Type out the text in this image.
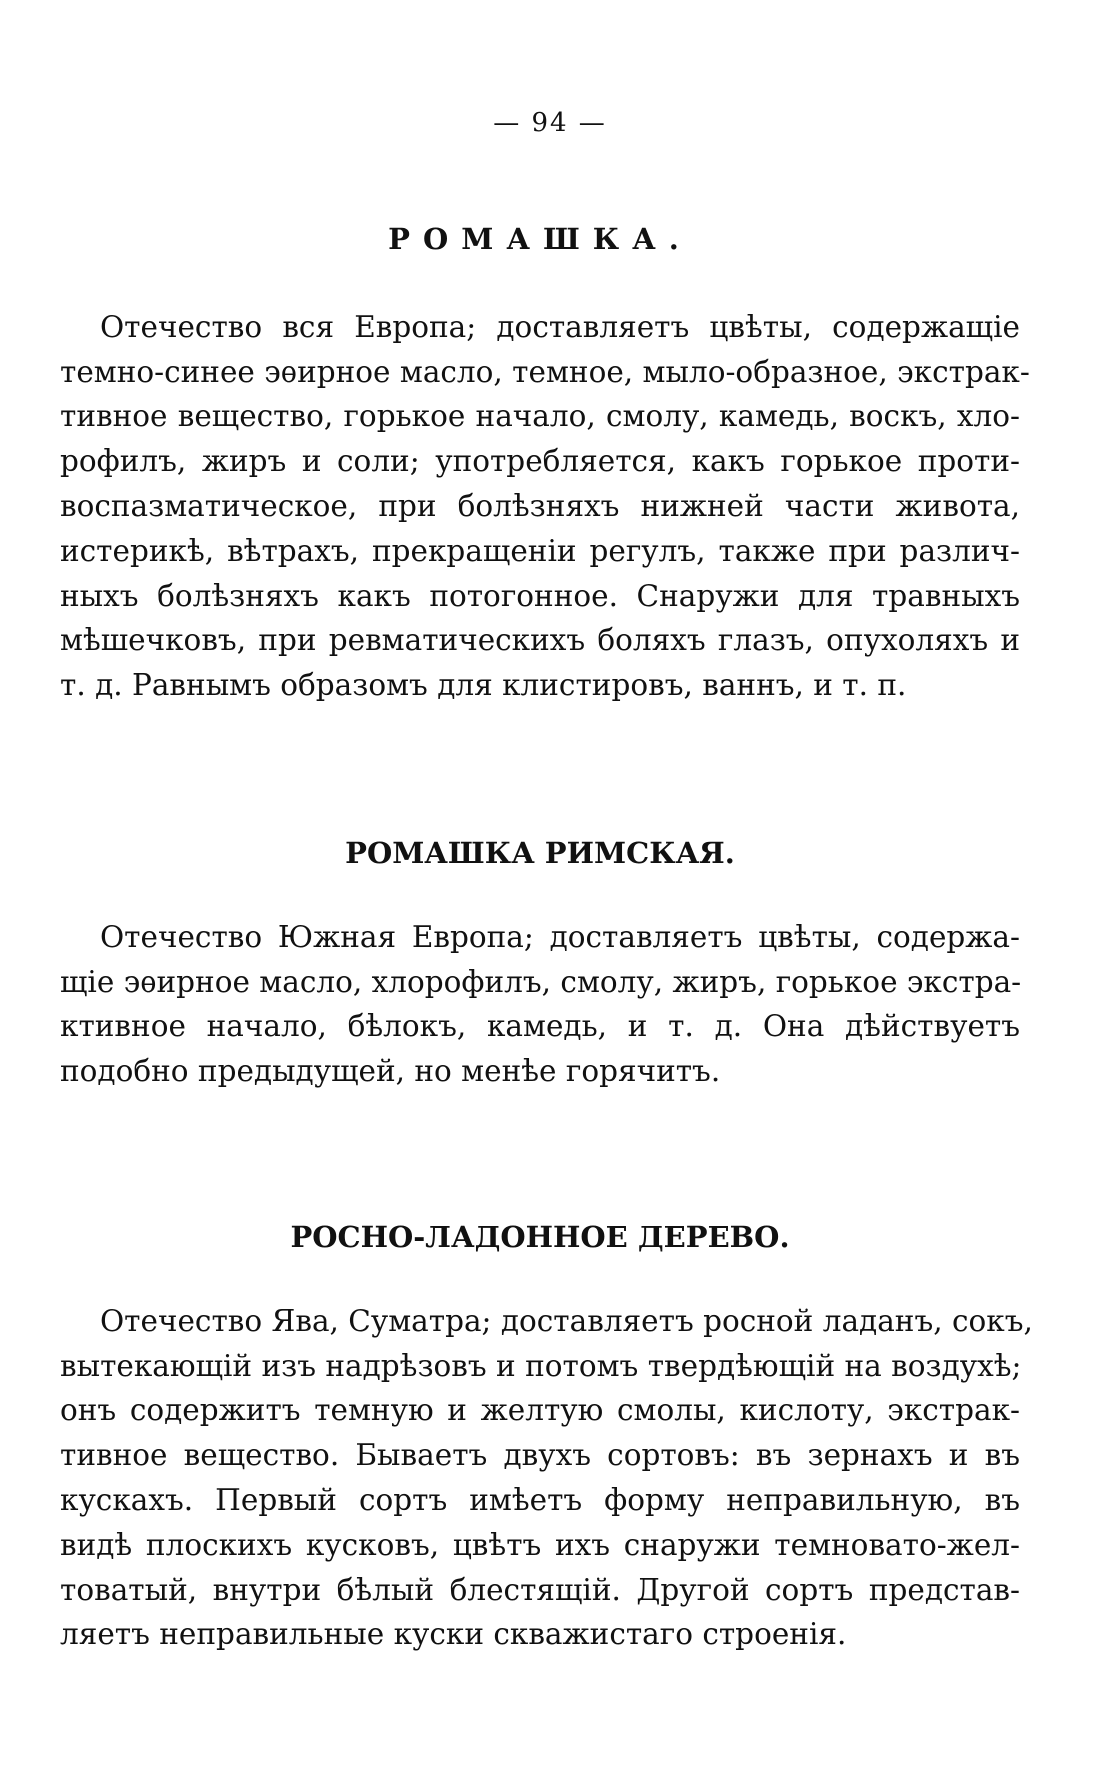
— 94 —
РОМАШКА.
Отечество вся Европа; доставляетъ цвѣты, содержащіе
темно-синее эѳирное масло, темное, мыло-образное, экстрак-
тивное вещество, горькое начало, смолу, камедь, воскъ, хло-
рофилъ, жиръ и соли; употребляется, какъ горькое проти-
воспазматическое, при болѣзняхъ нижней части живота,
истерикѣ, вѣтрахъ, прекращеніи регулъ, также при различ-
ныхъ болѣзняхъ какъ потогонное. Снаружи для травныхъ
мѣшечковъ, при ревматическихъ боляхъ глазъ, опухоляхъ и
т. д. Равнымъ образомъ для клистировъ, ваннъ, и т. п.
РОМАШКА РИМСКАЯ.
Отечество Южная Европа; доставляетъ цвѣты, содержа-
щіе эѳирное масло, хлорофилъ, смолу, жиръ, горькое экстра-
ктивное начало, бѣлокъ, камедь, и т. д. Она дѣйствуетъ
подобно предыдущей, но менѣе горячитъ.
РОСНО-ЛАДОННОЕ ДЕРЕВО.
Отечество Ява, Суматра; доставляетъ росной ладанъ, сокъ,
вытекающій изъ надрѣзовъ и потомъ твердѣющій на воздухѣ;
онъ содержитъ темную и желтую смолы, кислоту, экстрак-
тивное вещество. Бываетъ двухъ сортовъ: въ зернахъ и въ
кускахъ. Первый сортъ имѣетъ форму неправильную, въ
видѣ плоскихъ кусковъ, цвѣтъ ихъ снаружи темновато-жел-
товатый, внутри бѣлый блестящій. Другой сортъ представ-
ляетъ неправильные куски скважистаго строенія.
